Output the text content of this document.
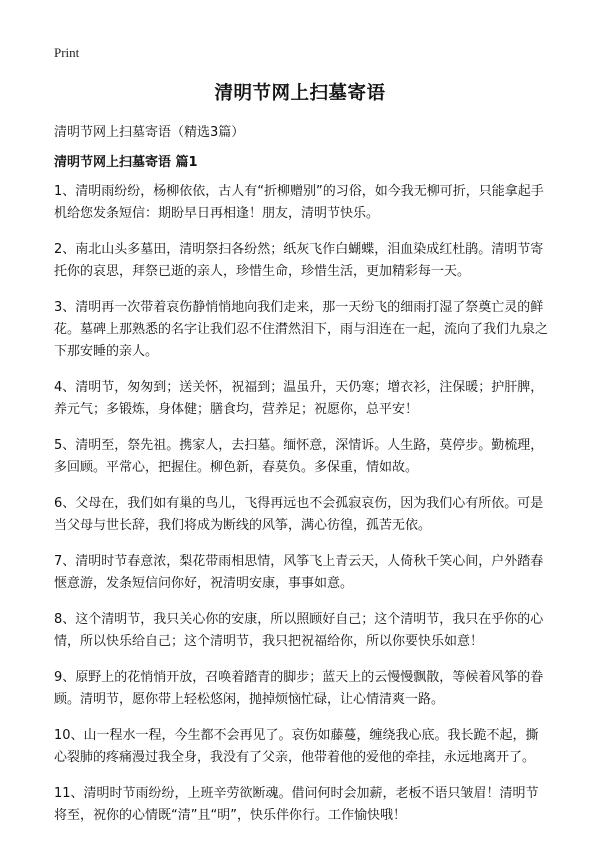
Print
清明节网上扫墓寄语

清明节网上扫墓寄语（精选3篇）

清明节网上扫墓寄语 篇1
1、清明雨纷纷，杨柳依依，古人有“折柳赠别”的习俗，如今我无柳可折，只能拿起手机给您发条短信：期盼早日再相逢！朋友，清明节快乐。
2、南北山头多墓田，清明祭扫各纷然；纸灰飞作白蝴蝶，泪血染成红杜鹃。清明节寄托你的哀思，拜祭已逝的亲人，珍惜生命，珍惜生活，更加精彩每一天。
3、清明再一次带着哀伤静悄悄地向我们走来，那一天纷飞的细雨打湿了祭奠亡灵的鲜花。墓碑上那熟悉的名字让我们忍不住潸然泪下，雨与泪连在一起，流向了我们九泉之下那安睡的亲人。
4、清明节，匆匆到；送关怀，祝福到；温虽升，天仍寒；增衣衫，注保暖；护肝脾，养元气；多锻炼，身体健；膳食均，营养足；祝愿你，总平安！
5、清明至，祭先祖。携家人，去扫墓。缅怀意，深情诉。人生路，莫停步。勤梳理，多回顾。平常心，把握住。柳色新，春莫负。多保重，情如故。
6、父母在，我们如有巢的鸟儿，飞得再远也不会孤寂哀伤，因为我们心有所依。可是当父母与世长辞，我们将成为断线的风筝，满心彷徨，孤苦无依。
7、清明时节春意浓，梨花带雨相思情，风筝飞上青云天，人倚秋千笑心间，户外踏春惬意游，发条短信问你好，祝清明安康，事事如意。
8、这个清明节，我只关心你的安康，所以照顾好自己；这个清明节，我只在乎你的心情，所以快乐给自己；这个清明节，我只把祝福给你，所以你要快乐如意！
9、原野上的花悄悄开放，召唤着踏青的脚步；蓝天上的云慢慢飘散，等候着风筝的眷顾。清明节，愿你带上轻松悠闲，抛掉烦恼忙碌，让心情清爽一路。
10、山一程水一程，今生都不会再见了。哀伤如藤蔓，缠绕我心底。我长跪不起，撕心裂肺的疼痛漫过我全身，我没有了父亲，他带着他的爱他的牵挂，永远地离开了。
11、清明时节雨纷纷，上班辛劳欲断魂。借问何时会加薪，老板不语只皱眉！清明节将至，祝你的心情既“清”且“明”，快乐伴你行。工作愉快哦！
